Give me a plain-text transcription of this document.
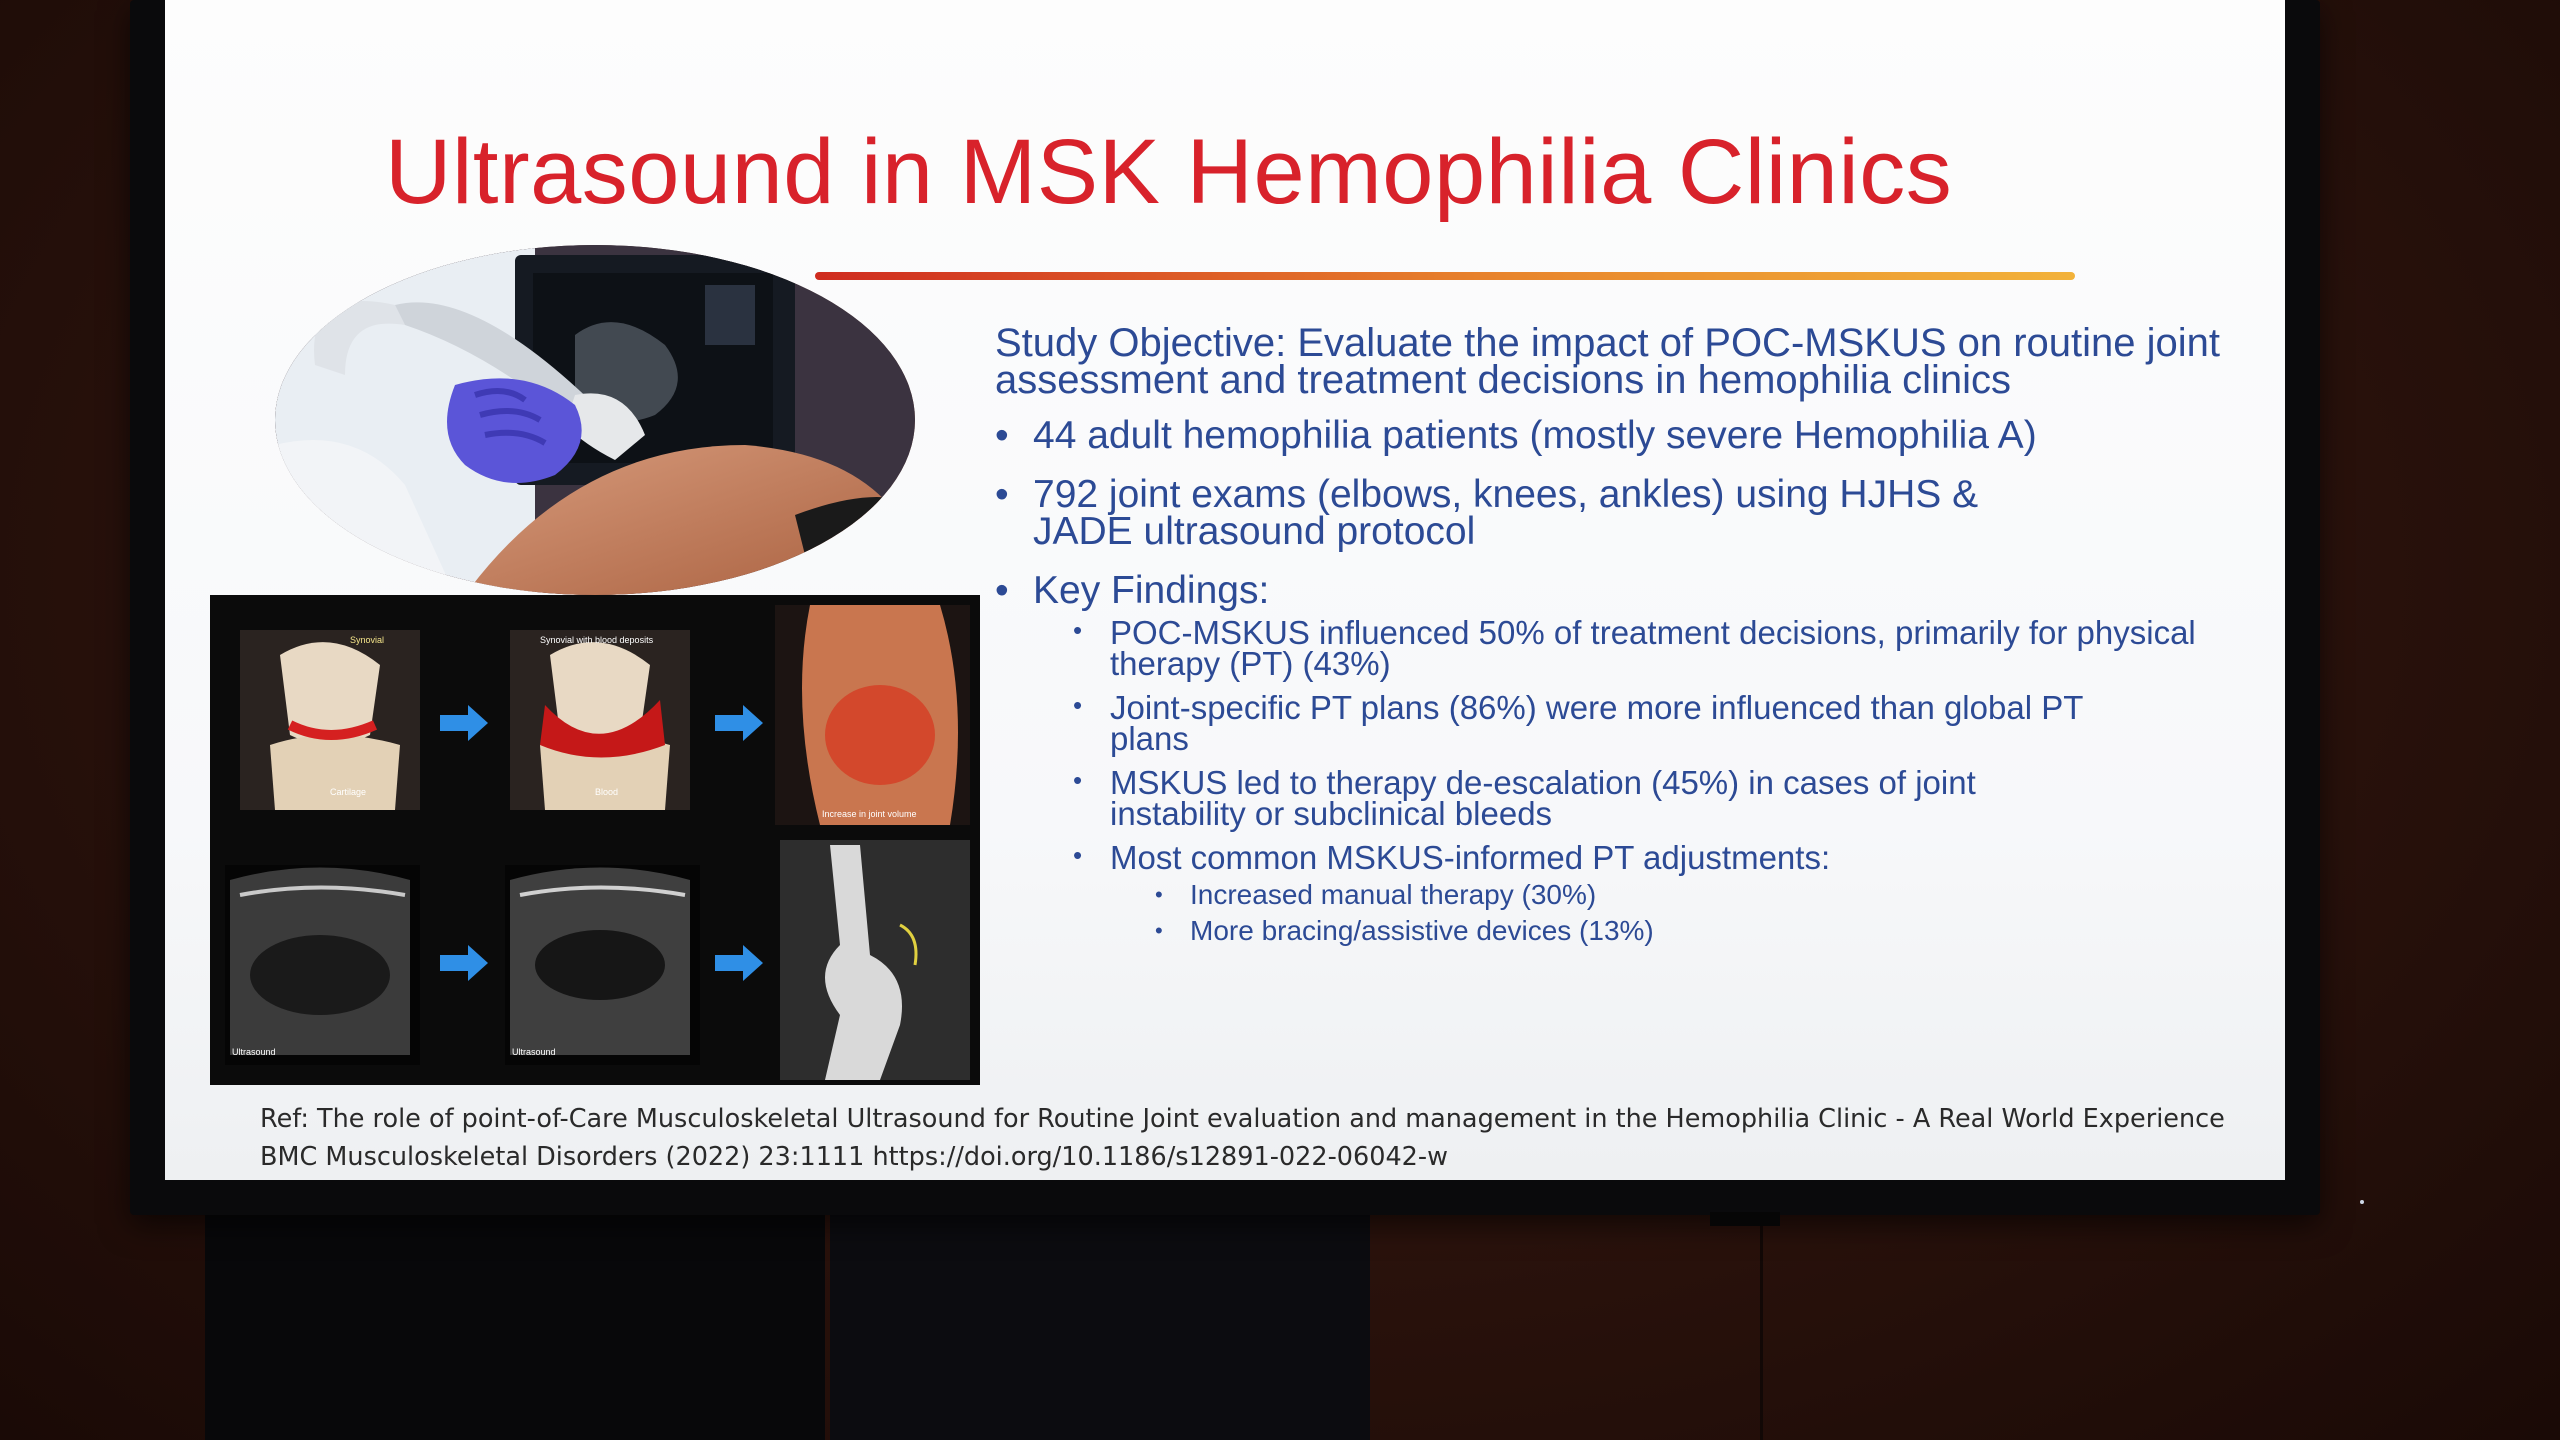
Ultrasound in MSK Hemophilia Clinics
Synovial
Cartilage
Synovial with blood deposits
Blood
Increase in joint volume
Ultrasound	Ultrasound
Study Objective: Evaluate the impact of POC-MSKUS on routine joint assessment and treatment decisions in hemophilia clinics
• 44 adult hemophilia patients (mostly severe Hemophilia A)
• 792 joint exams (elbows, knees, ankles) using HJHS & JADE ultrasound protocol
• Key Findings:
• POC-MSKUS influenced 50% of treatment decisions, primarily for physical therapy (PT) (43%)
• Joint-specific PT plans (86%) were more influenced than global PT plans
• MSKUS led to therapy de-escalation (45%) in cases of joint instability or subclinical bleeds
• Most common MSKUS-informed PT adjustments:
• Increased manual therapy (30%)
• More bracing/assistive devices (13%)
Ref: The role of point-of-Care Musculoskeletal Ultrasound for Routine Joint evaluation and management in the Hemophilia Clinic - A Real World Experience
BMC Musculoskeletal Disorders (2022) 23:1111 https://doi.org/10.1186/s12891-022-06042-w
